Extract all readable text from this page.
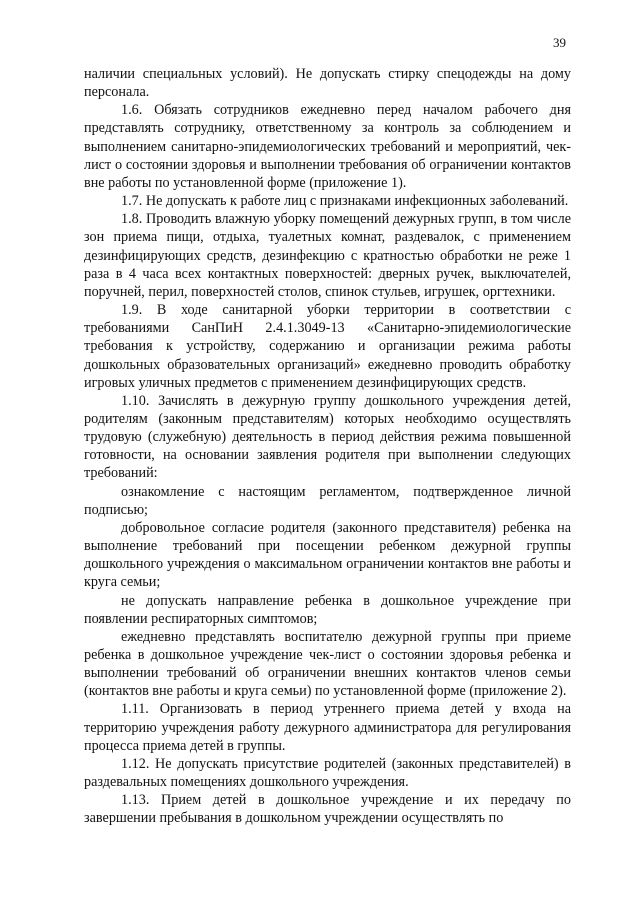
39

наличии специальных условий). Не допускать стирку спецодежды на дому персонала.

1.6. Обязать сотрудников ежедневно перед началом рабочего дня представлять сотруднику, ответственному за контроль за соблюдением и выполнением санитарно-эпидемиологических требований и мероприятий, чек-лист о состоянии здоровья и выполнении требования об ограничении контактов вне работы по установленной форме (приложение 1).

1.7. Не допускать к работе лиц с признаками инфекционных заболеваний.

1.8. Проводить влажную уборку помещений дежурных групп, в том числе зон приема пищи, отдыха, туалетных комнат, раздевалок, с применением дезинфицирующих средств, дезинфекцию с кратностью обработки не реже 1 раза в 4 часа всех контактных поверхностей: дверных ручек, выключателей, поручней, перил, поверхностей столов, спинок стульев, игрушек, оргтехники.

1.9. В ходе санитарной уборки территории в соответствии с требованиями СанПиН 2.4.1.3049-13 «Санитарно-эпидемиологические требования к устройству, содержанию и организации режима работы дошкольных образовательных организаций» ежедневно проводить обработку игровых уличных предметов с применением дезинфицирующих средств.

1.10. Зачислять в дежурную группу дошкольного учреждения детей, родителям (законным представителям) которых необходимо осуществлять трудовую (служебную) деятельность в период действия режима повышенной готовности, на основании заявления родителя при выполнении следующих требований:

ознакомление с настоящим регламентом, подтвержденное личной подписью;

добровольное согласие родителя (законного представителя) ребенка на выполнение требований при посещении ребенком дежурной группы дошкольного учреждения о максимальном ограничении контактов вне работы и круга семьи;

не допускать направление ребенка в дошкольное учреждение при появлении респираторных симптомов;

ежедневно представлять воспитателю дежурной группы при приеме ребенка в дошкольное учреждение чек-лист о состоянии здоровья ребенка и выполнении требований об ограничении внешних контактов членов семьи (контактов вне работы и круга семьи) по установленной форме (приложение 2).

1.11. Организовать в период утреннего приема детей у входа на территорию учреждения работу дежурного администратора для регулирования процесса приема детей в группы.

1.12. Не допускать присутствие родителей (законных представителей) в раздевальных помещениях дошкольного учреждения.

1.13. Прием детей в дошкольное учреждение и их передачу по завершении пребывания в дошкольном учреждении осуществлять по
